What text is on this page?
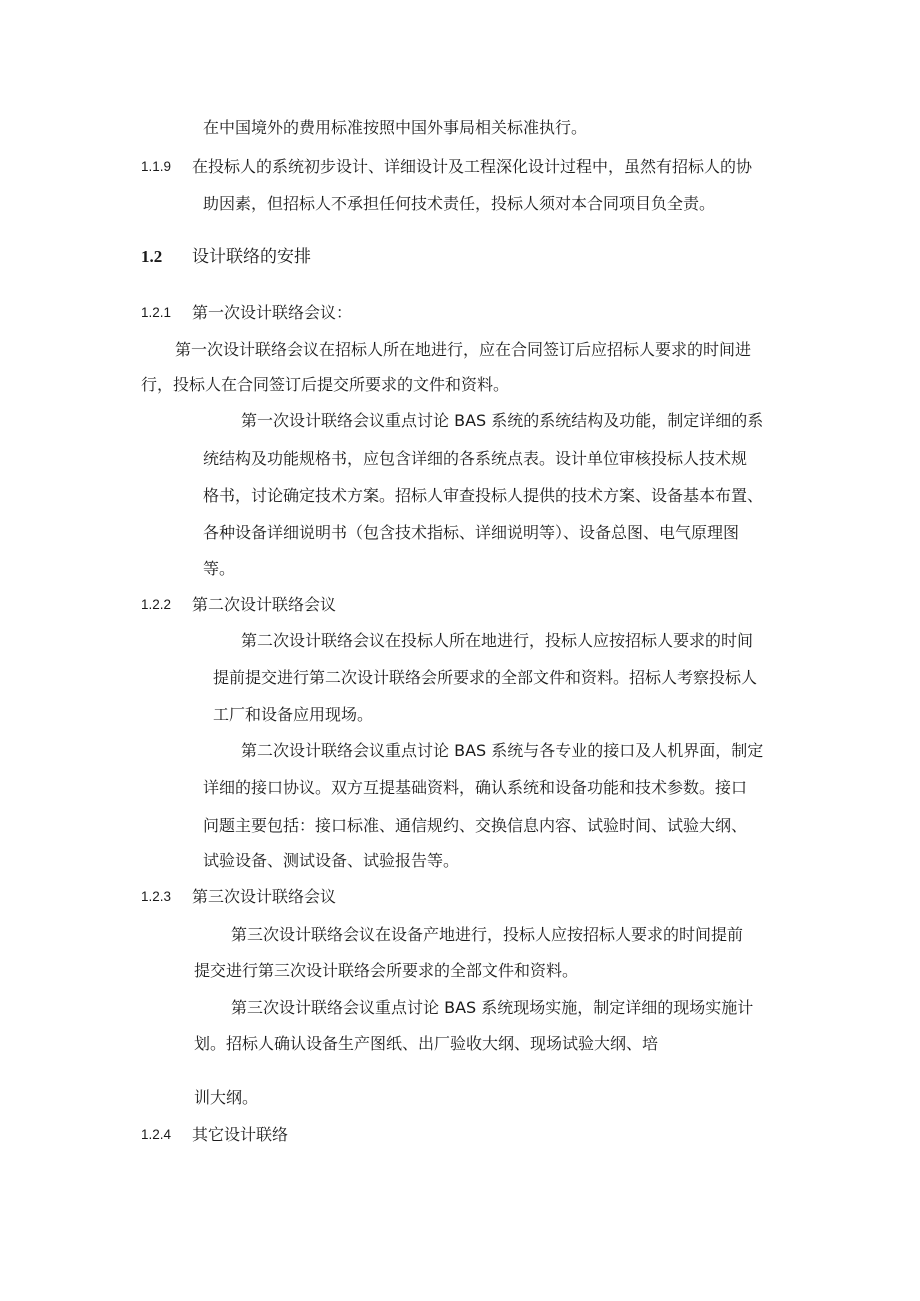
在中国境外的费用标准按照中国外事局相关标准执行。

1.1.9 在投标人的系统初步设计、详细设计及工程深化设计过程中，虽然有招标人的协

助因素，但招标人不承担任何技术责任，投标人须对本合同项目负全责。

1.2 设计联络的安排
1.2.1 第一次设计联络会议：

第一次设计联络会议在招标人所在地进行，应在合同签订后应招标人要求的时间进

行，投标人在合同签订后提交所要求的文件和资料。

第一次设计联络会议重点讨论 BAS 系统的系统结构及功能，制定详细的系

统结构及功能规格书，应包含详细的各系统点表。设计单位审核投标人技术规

格书，讨论确定技术方案。招标人审查投标人提供的技术方案、设备基本布置、

各种设备详细说明书（包含技术指标、详细说明等）、设备总图、电气原理图

等。

1.2.2 第二次设计联络会议

第二次设计联络会议在投标人所在地进行，投标人应按招标人要求的时间

提前提交进行第二次设计联络会所要求的全部文件和资料。招标人考察投标人

工厂和设备应用现场。

第二次设计联络会议重点讨论 BAS 系统与各专业的接口及人机界面，制定

详细的接口协议。双方互提基础资料，确认系统和设备功能和技术参数。接口

问题主要包括：接口标准、通信规约、交换信息内容、试验时间、试验大纲、

试验设备、测试设备、试验报告等。

1.2.3 第三次设计联络会议

第三次设计联络会议在设备产地进行，投标人应按招标人要求的时间提前

提交进行第三次设计联络会所要求的全部文件和资料。

第三次设计联络会议重点讨论 BAS 系统现场实施，制定详细的现场实施计

划。招标人确认设备生产图纸、出厂验收大纲、现场试验大纲、培

训大纲。

1.2.4 其它设计联络
